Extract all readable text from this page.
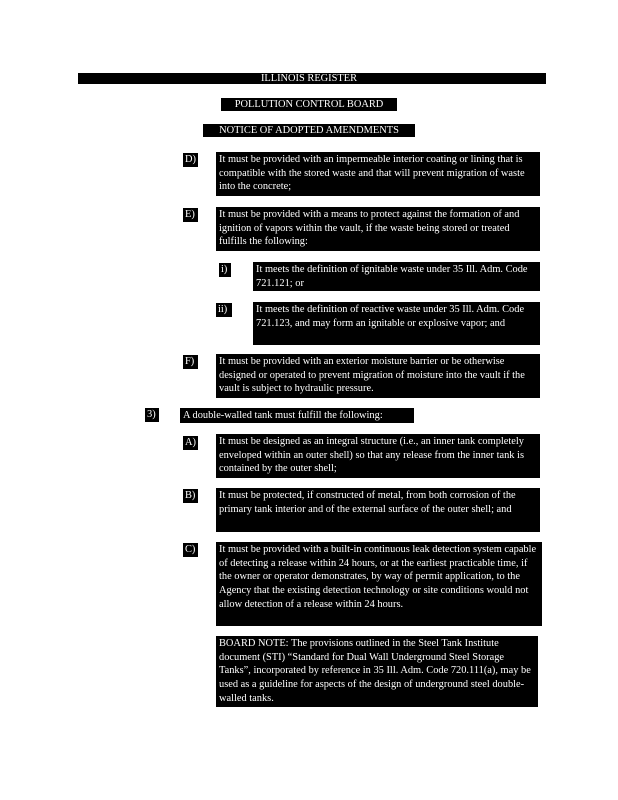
ILLINOIS REGISTER
POLLUTION CONTROL BOARD
NOTICE OF ADOPTED AMENDMENTS
D) It must be provided with an impermeable interior coating or lining that is compatible with the stored waste and that will prevent migration of waste into the concrete;
E)	It must be provided with a means to protect against the formation of and ignition of vapors within the vault, if the waste being stored or treated fulfills the following:
i)	It meets the definition of ignitable waste under 35 Ill. Adm. Code 721.121; or
ii)	It meets the definition of reactive waste under 35 Ill. Adm. Code 721.123, and may form an ignitable or explosive vapor; and
F)	It must be provided with an exterior moisture barrier or be otherwise designed or operated to prevent migration of moisture into the vault if the vault is subject to hydraulic pressure.
3)	A double-walled tank must fulfill the following:
A) It must be designed as an integral structure (i.e., an inner tank completely enveloped within an outer shell) so that any release from the inner tank is contained by the outer shell;
B) It must be protected, if constructed of metal, from both corrosion of the primary tank interior and of the external surface of the outer shell; and
C) It must be provided with a built-in continuous leak detection system capable of detecting a release within 24 hours, or at the earliest practicable time, if the owner or operator demonstrates, by way of permit application, to the Agency that the existing detection technology or site conditions would not allow detection of a release within 24 hours.
BOARD NOTE: The provisions outlined in the Steel Tank Institute document (STI) “Standard for Dual Wall Underground Steel Storage Tanks”, incorporated by reference in 35 Ill. Adm. Code 720.111(a), may be used as a guideline for aspects of the design of underground steel double-walled tanks.
